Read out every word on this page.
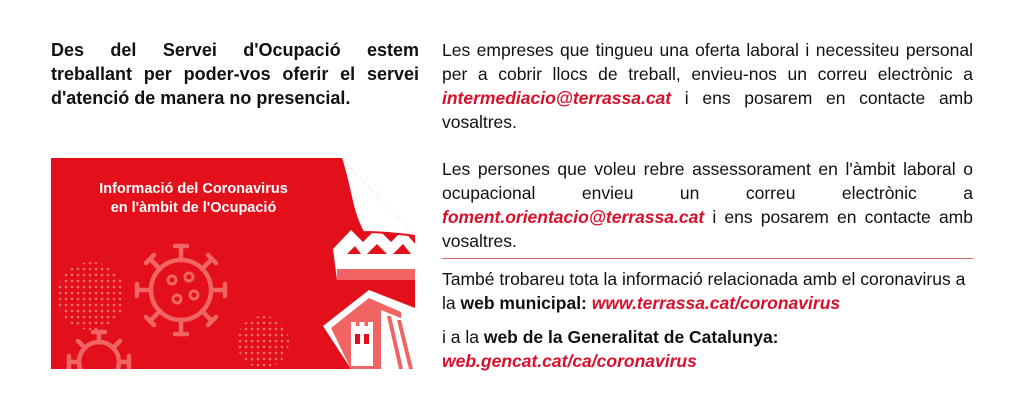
Des del Servei d'Ocupació estem treballant per poder-vos oferir el servei d'atenció de manera no presencial.

Les empreses que tingueu una oferta laboral i necessiteu personal per a cobrir llocs de treball, envieu-nos un correu electrònic a intermediacio@terrassa.cat i ens posarem en contacte amb vosaltres.

Les persones que voleu rebre assessorament en l'àmbit laboral o ocupacional envieu un correu electrònic a foment.orientacio@terrassa.cat i ens posarem en contacte amb vosaltres.

També trobareu tota la informació relacionada amb el coronavirus a la web municipal: www.terrassa.cat/coronavirus

i a la web de la Generalitat de Catalunya:
web.gencat.cat/ca/coronavirus

Informació del Coronavirus
en l'àmbit de l'Ocupació
